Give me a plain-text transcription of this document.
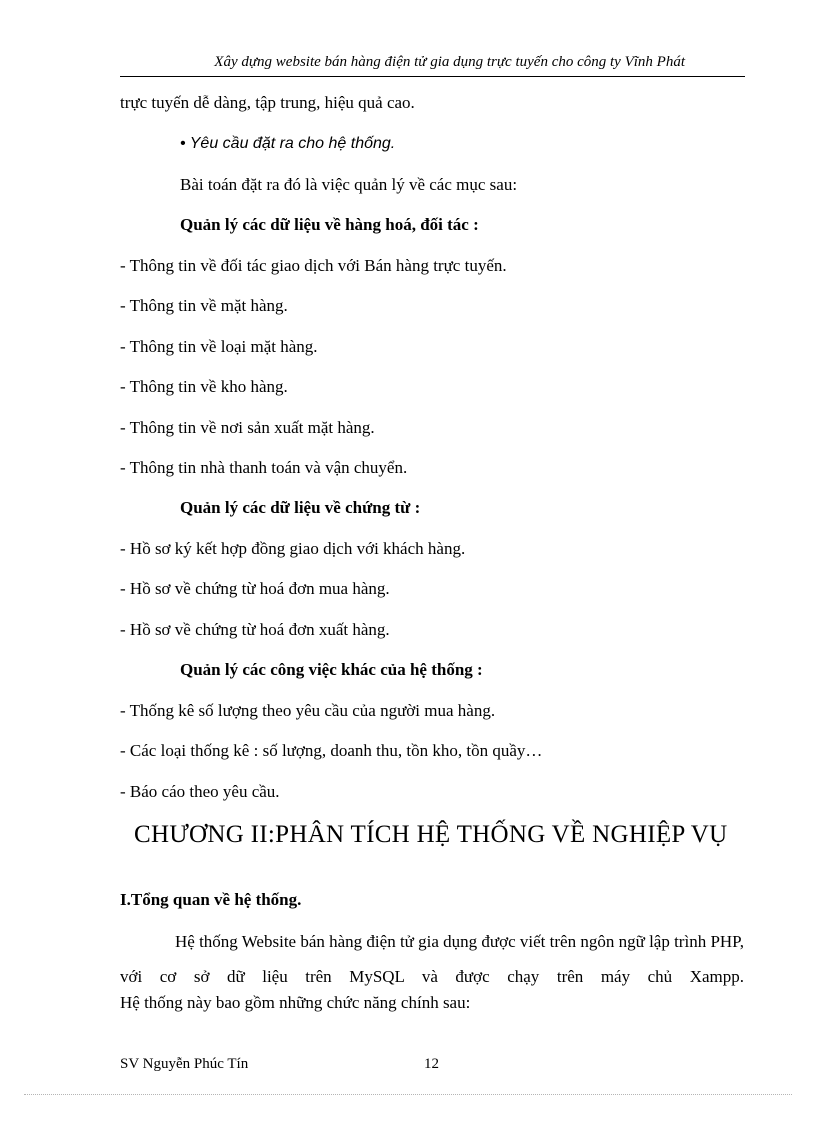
Xây dựng website bán hàng điện tử gia dụng trực tuyến cho công ty Vĩnh Phát
trực tuyến dễ dàng, tập trung, hiệu quả cao.
• Yêu cầu đặt ra cho hệ thống.
Bài toán đặt ra đó là việc quản lý về các mục sau:
Quản lý các dữ liệu về hàng hoá, đối tác :
- Thông tin về đối tác giao dịch với Bán hàng trực tuyến.
- Thông tin về mặt hàng.
- Thông tin về loại mặt hàng.
- Thông tin về kho hàng.
- Thông tin về nơi sản xuất mặt hàng.
- Thông tin nhà thanh toán và vận chuyển.
Quản lý các dữ liệu về chứng từ :
- Hồ sơ ký kết hợp đồng giao dịch với khách hàng.
- Hồ sơ về chứng từ hoá đơn mua hàng.
- Hồ sơ về chứng từ hoá đơn xuất hàng.
Quản lý các công việc khác của hệ thống :
- Thống kê số lượng theo yêu cầu của người mua hàng.
- Các loại thống kê : số lượng, doanh thu, tồn kho, tồn quầy…
- Báo cáo theo yêu cầu.
CHƯƠNG II:PHÂN TÍCH HỆ THỐNG VỀ NGHIỆP VỤ
I.Tổng quan về hệ thống.
Hệ thống Website bán hàng điện tử gia dụng được viết trên ngôn ngữ lập trình PHP, với cơ sở dữ liệu trên MySQL và được chạy trên máy chủ Xampp.
Hệ thống này bao gồm những chức năng chính sau:
SV Nguyễn Phúc Tín	12
